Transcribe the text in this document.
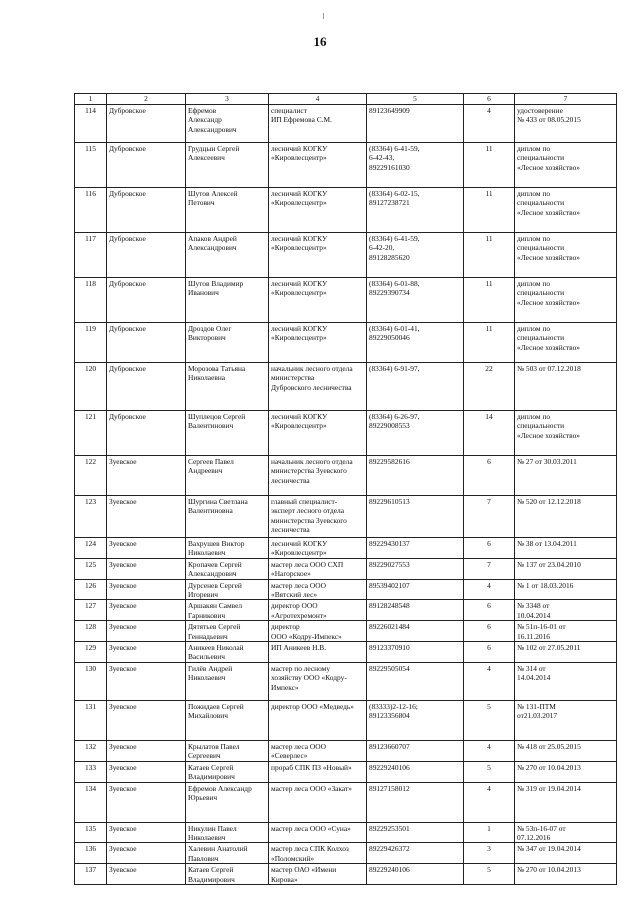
16
1	2	3	4	5	6	7
114	Дубровское	Ефремов
Александр
Александрович	специалист
ИП Ефремова С.М.	89123649909	4	удостоверение
№ 433 от 08.05.2015
115	Дубровское	Грудцын Сергей
Алексеевич	лесничий КОГКУ
«Кировлесцентр»	(83364) 6-41-59,
6-42-43,
89229161030	11	диплом по
специальности
«Лесное хозяйство»
116	Дубровское	Шутов Алексей
Петович	лесничий КОГКУ
«Кировлесцентр»	(83364) 6-02-15,
89127238721	11	диплом по
специальности
«Лесное хозяйство»
117	Дубровское	Апаков Андрей
Александрович	лесничий КОГКУ
«Кировлесцентр»	(83364) 6-41-59,
6-42-20,
89128285620	11	диплом по
специальности
«Лесное хозяйство»
118	Дубровское	Шутов Владимир
Иванович	лесничий КОГКУ
«Кировлесцентр»	(83364) 6-01-88,
89229390734	11	диплом по
специальности
«Лесное хозяйство»
119	Дубровское	Дроздов Олег
Викторович	лесничий КОГКУ
«Кировлесцентр»	(83364) 6-01-41,
89229050046	11	диплом по
специальности
«Лесное хозяйство»
120	Дубровское	Морозова Татьяна
Николаевна	начальник лесного отдела
министерства
Дубровского лесничества	(83364) 6-91-97,	22	№ 503 от 07.12.2018
121	Дубровское	Шуплецов Сергей
Валентинович	лесничий КОГКУ
«Кировлесцентр»	(83364) 6-26-97,
89229008553	14	диплом по
специальности
«Лесное хозяйство»
122	Зуевское	Сергеев Павел
Андреевич	начальник лесного отдела
министерства Зуевского
лесничества	89229582616	6	№ 27 от 30.03.2011
123	Зуевское	Шургина Светлана
Валентиновна	главный специалист-
эксперт лесного отдела
министерства Зуевского
лесничества	89229610513	7	№ 520 от 12.12.2018
124	Зуевское	Вахрушев Виктор
Николаевич	лесничий КОГКУ
«Кировлесцентр»	89229430137	6	№ 38 от 13.04.2011
125	Зуевское	Кропачев Сергей
Александрович	мастер леса ООО СХП
«Нагорское»	89229027553	7	№ 137 от 23.04.2010
126	Зуевское	Дурсенев Сергей
Игоревич	мастер леса ООО
«Вятский лес»	89539402107	4	№ 1 от 18.03.2016
127	Зуевское	Аршакян Самвел
Гарникович	директор ООО
«Агротехремонт»	89128248548	6	№ 3348 от
10.04.2014
128	Зуевское	Дятятьев Сергей
Геннадьевич	директор
ООО «Кодру-Импекс»	89226021484	6	№ 51п-16-01 от
16.11.2016
129	Зуевское	Аникеев Николай
Васильевич	ИП Аникеев Н.В.	89123370910	6	№ 102 от 27.05.2011
130	Зуевское	Гилёв Андрей
Николаевич	мастер по лесному
хозяйству ООО «Кодру-
Импекс»	89229505054	4	№ 314 от
14.04.2014
131	Зуевское	Пожидаев Сергей
Михайлович	директор ООО «Медведь»	(83333)2-12-16;
89123356804	5	№ 131-ПТМ
от21.03.2017
132	Зуевское	Крылатов Павел
Сергеевич	мастер леса ООО
«Северлес»	89123660707	4	№ 418 от 25.05.2015
133	Зуевское	Катаев Сергей
Владимирович	прораб СПК ПЗ «Новый»	89229240106	5	№ 270 от 10.04.2013
134	Зуевское	Ефремов Александр
Юрьевич	мастер леса ООО «Закат»	89127158012	4	№ 319 от 19.04.2014
135	Зуевское	Никулин Павел
Николаевич	мастер леса ООО «Суна»	89229253501	1	№ 53п-16-07 от
07.12.2016
136	Зуевское	Халевин Анатолий
Павлович	мастер леса СПК Колхоз
«Поломский»	89229426372	3	№ 347 от 19.04.2014
137	Зуевское	Катаев Сергей
Владимирович	мастер ОАО «Имени
Кирова»	89229240106	5	№ 270 от 10.04.2013
